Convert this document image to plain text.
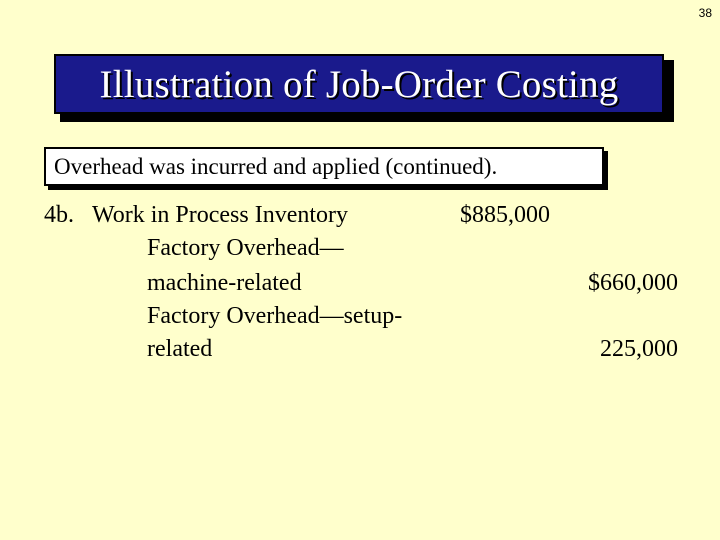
38
Illustration of Job-Order Costing
Overhead was incurred and applied (continued).
4b. Work in Process Inventory	$885,000
Factory Overhead—
machine-related	$660,000
Factory Overhead—setup-
related	225,000
